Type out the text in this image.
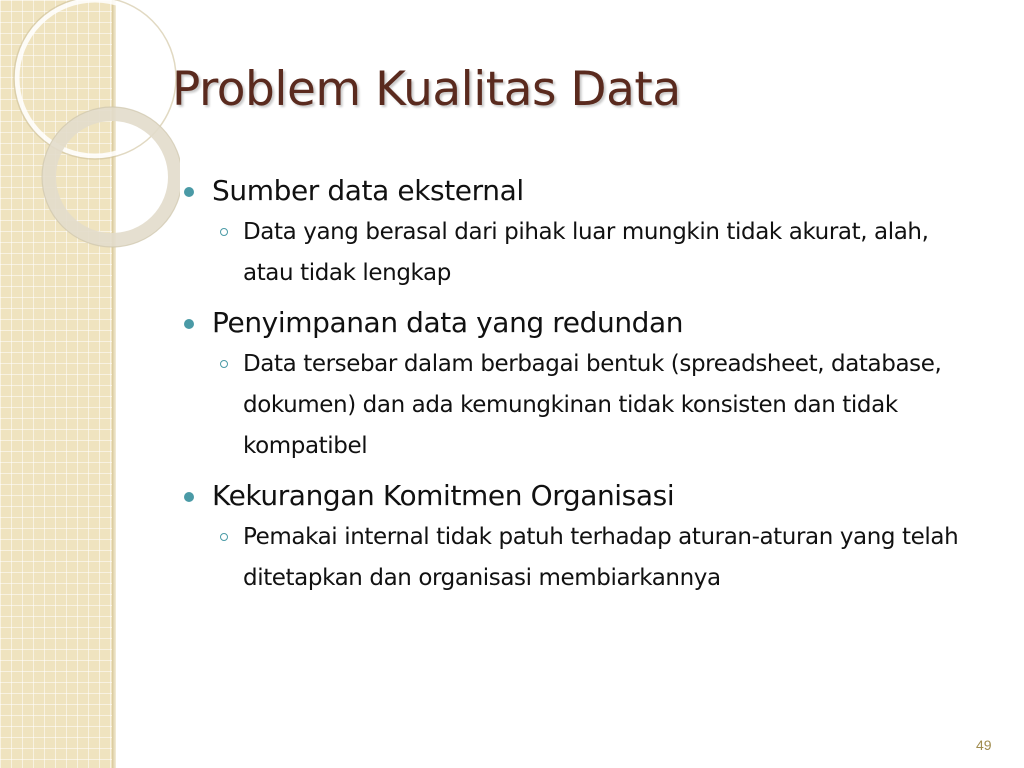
Problem Kualitas Data
Sumber data eksternal
Data yang berasal dari pihak luar mungkin tidak akurat, alah, atau tidak lengkap
Penyimpanan data yang redundan
Data tersebar dalam berbagai bentuk (spreadsheet, database, dokumen) dan ada kemungkinan tidak konsisten dan tidak kompatibel
Kekurangan Komitmen Organisasi
Pemakai internal tidak patuh terhadap aturan-aturan yang telah ditetapkan dan organisasi membiarkannya
49
